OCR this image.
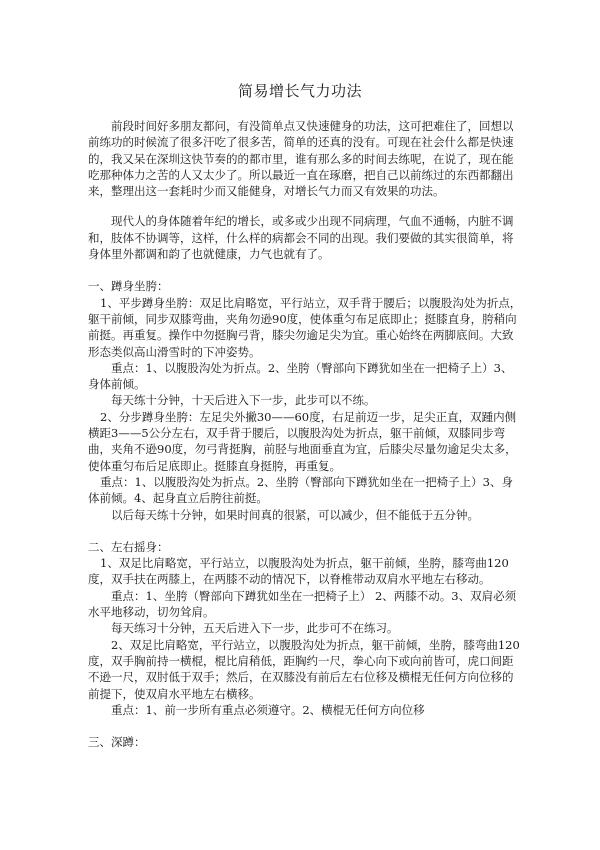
简易增长气力功法

前段时间好多朋友都问，有没简单点又快速健身的功法，这可把难住了，回想以前练功的时候流了很多汗吃了很多苦，简单的还真的没有。可现在社会什么都是快速的，我又呆在深圳这快节奏的的都市里，谁有那么多的时间去练呢，在说了，现在能吃那种体力之苦的人又太少了。所以最近一直在琢磨，把自己以前练过的东西都翻出来，整理出这一套耗时少而又能健身，对增长气力而又有效果的功法。

现代人的身体随着年纪的增长，或多或少出现不同病理，气血不通畅，内脏不调和，肢体不协调等，这样，什么样的病都会不同的出现。我们要做的其实很简单，将身体里外都调和韵了也就健康，力气也就有了。

一、蹲身坐胯：

1、平步蹲身坐胯：双足比肩略宽，平行站立，双手背于腰后；以腹股沟处为折点，躯干前倾，同步双膝弯曲，夹角勿逊90度，使体重匀布足底即止；挺膝直身，胯稍向前挺。再重复。操作中勿挺胸弓背，膝尖勿逾足尖为宜。重心始终在两脚底间。大致形态类似高山滑雪时的下冲姿势。

重点：1、以腹股沟处为折点。2、坐胯（臀部向下蹲犹如坐在一把椅子上）3、身体前倾。

每天练十分钟，十天后进入下一步，此步可以不练。

2、分步蹲身坐胯：左足尖外撇30——60度，右足前迈一步，足尖正直，双踵内侧横距3——5公分左右，双手背于腰后，以腹股沟处为折点，躯干前倾，双膝同步弯曲，夹角不逊90度，勿弓背挺胸，前胫与地面垂直为宜，后膝尖尽量勿逾足尖太多，使体重匀布后足底即止。挺膝直身挺胯，再重复。

重点：1、以腹股沟处为折点。2、坐胯（臀部向下蹲犹如坐在一把椅子上）3、身体前倾。4、起身直立后胯往前挺。

以后每天练十分钟，如果时间真的很紧，可以减少，但不能低于五分钟。

二、左右摇身：

1、双足比肩略宽，平行站立，以腹股沟处为折点，躯干前倾，坐胯，膝弯曲120度，双手扶在两膝上，在两膝不动的情况下，以脊椎带动双肩水平地左右移动。

重点：1、坐胯（臀部向下蹲犹如坐在一把椅子上） 2、两膝不动。3、双肩必须水平地移动，切勿耸肩。

每天练习十分钟，五天后进入下一步，此步可不在练习。

2、双足比肩略宽，平行站立，以腹股沟处为折点，躯干前倾，坐胯，膝弯曲120度，双手胸前持一横棍，棍比肩稍低，距胸约一尺，拳心向下或向前皆可，虎口间距不逊一尺，双肘低于双手；然后，在双膝没有前后左右位移及横棍无任何方向位移的前提下，使双肩水平地左右横移。

重点：1、前一步所有重点必须遵守。2、横棍无任何方向位移

三、深蹲：
